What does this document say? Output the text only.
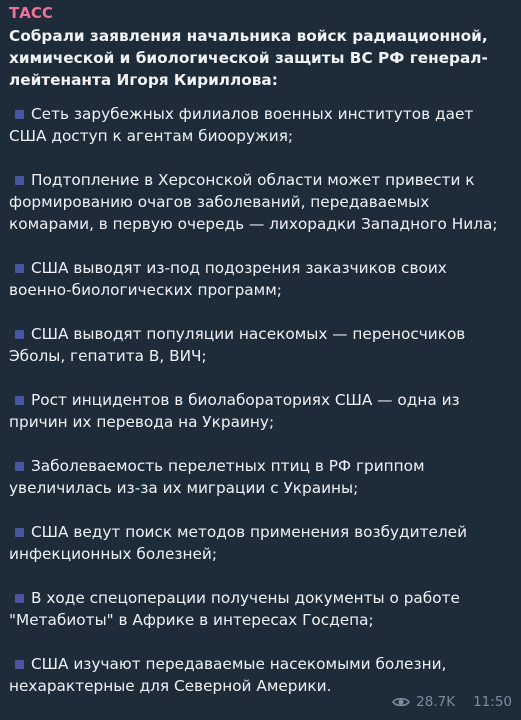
ТАСС
Собрали заявления начальника войск радиационной, химической и биологической защиты ВС РФ генерал-лейтенанта Игоря Кириллова:
Сеть зарубежных филиалов военных институтов дает США доступ к агентам биооружия;
Подтопление в Херсонской области может привести к формированию очагов заболеваний, передаваемых комарами, в первую очередь — лихорадки Западного Нила;
США выводят из-под подозрения заказчиков своих военно-биологических программ;
США выводят популяции насекомых — переносчиков Эболы, гепатита В, ВИЧ;
Рост инцидентов в биолабораториях США — одна из причин их перевода на Украину;
Заболеваемость перелетных птиц в РФ гриппом увеличилась из-за их миграции с Украины;
США ведут поиск методов применения возбудителей инфекционных болезней;
В ходе спецоперации получены документы о работе "Метабиоты" в Африке в интересах Госдепа;
США изучают передаваемые насекомыми болезни, нехарактерные для Северной Америки.
28.7K 11:50
